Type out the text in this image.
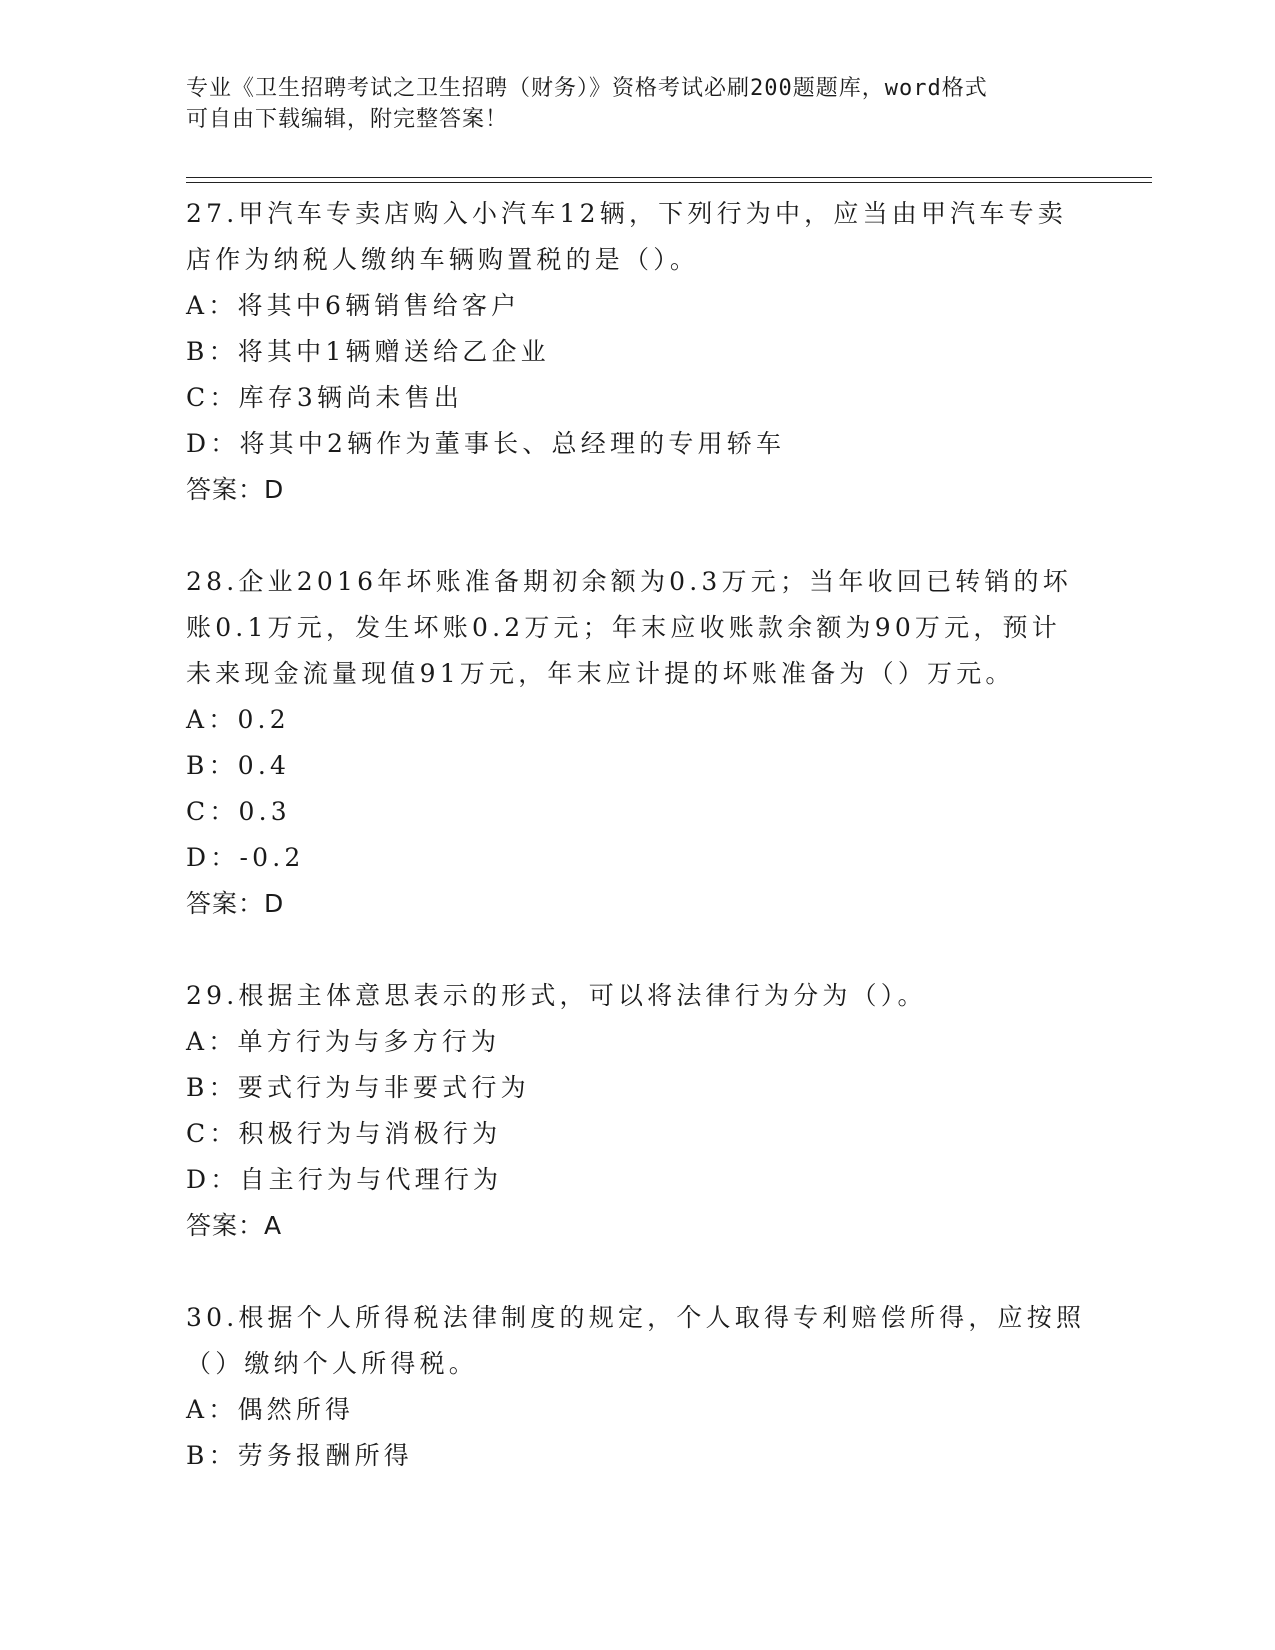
专业《卫生招聘考试之卫生招聘（财务）》资格考试必刷200题题库，word格式
可自由下载编辑，附完整答案！
27.甲汽车专卖店购入小汽车12辆，下列行为中，应当由甲汽车专卖
店作为纳税人缴纳车辆购置税的是（）。
A：将其中6辆销售给客户
B：将其中1辆赠送给乙企业
C：库存3辆尚未售出
D：将其中2辆作为董事长、总经理的专用轿车
答案：D
28.企业2016年坏账准备期初余额为0.3万元；当年收回已转销的坏
账0.1万元，发生坏账0.2万元；年末应收账款余额为90万元，预计
未来现金流量现值91万元，年末应计提的坏账准备为（）万元。
A：0.2
B：0.4
C：0.3
D：-0.2
答案：D
29.根据主体意思表示的形式，可以将法律行为分为（）。
A：单方行为与多方行为
B：要式行为与非要式行为
C：积极行为与消极行为
D：自主行为与代理行为
答案：A
30.根据个人所得税法律制度的规定，个人取得专利赔偿所得，应按照
（）缴纳个人所得税。
A：偶然所得
B：劳务报酬所得
